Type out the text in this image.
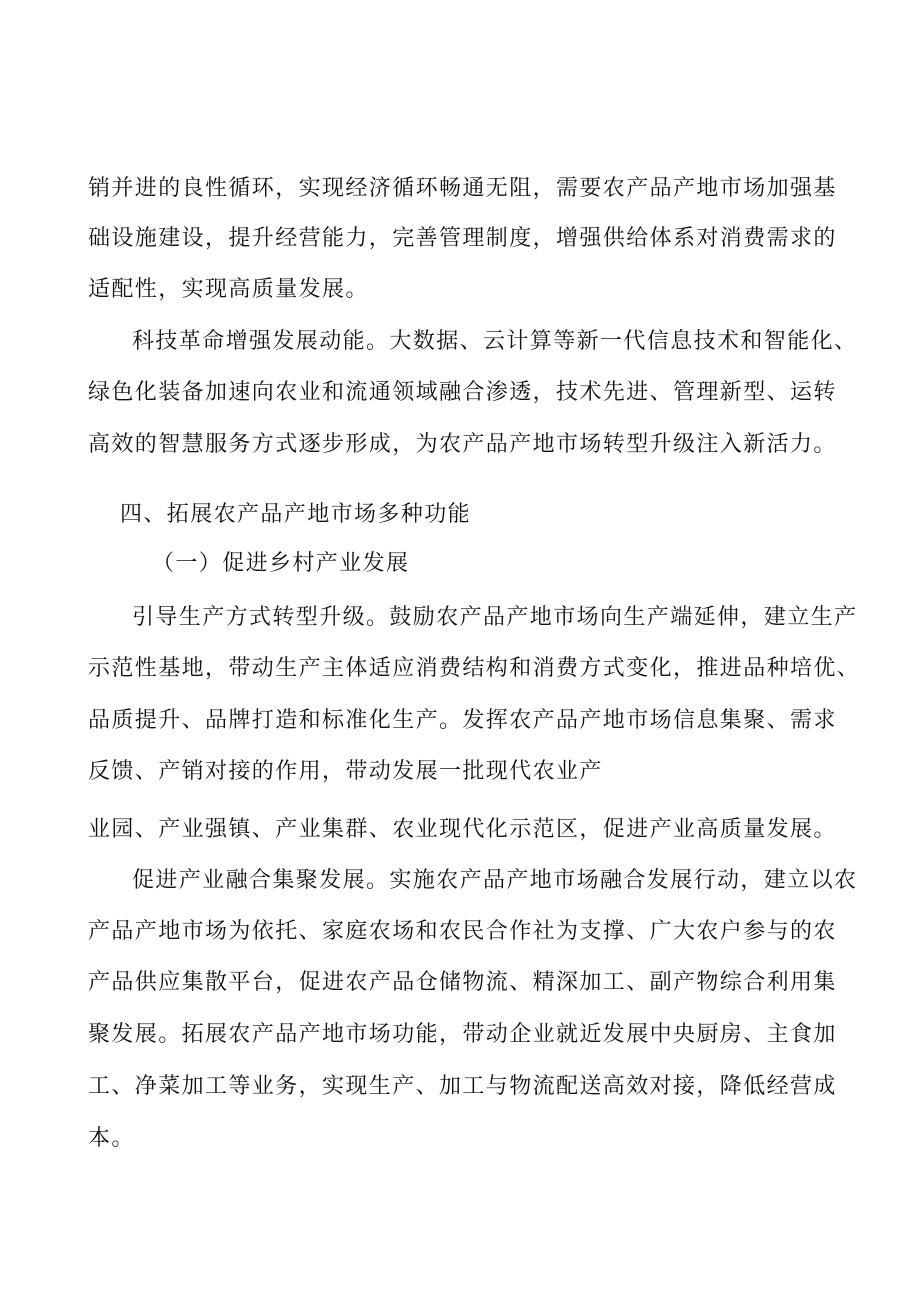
销并进的良性循环，实现经济循环畅通无阻，需要农产品产地市场加强基
础设施建设，提升经营能力，完善管理制度，增强供给体系对消费需求的
适配性，实现高质量发展。
科技革命增强发展动能。大数据、云计算等新一代信息技术和智能化、
绿色化装备加速向农业和流通领域融合渗透，技术先进、管理新型、运转
高效的智慧服务方式逐步形成，为农产品产地市场转型升级注入新活力。
四、拓展农产品产地市场多种功能
（一）促进乡村产业发展
引导生产方式转型升级。鼓励农产品产地市场向生产端延伸，建立生产
示范性基地，带动生产主体适应消费结构和消费方式变化，推进品种培优、
品质提升、品牌打造和标准化生产。发挥农产品产地市场信息集聚、需求
反馈、产销对接的作用，带动发展一批现代农业产
业园、产业强镇、产业集群、农业现代化示范区，促进产业高质量发展。
促进产业融合集聚发展。实施农产品产地市场融合发展行动，建立以农
产品产地市场为依托、家庭农场和农民合作社为支撑、广大农户参与的农
产品供应集散平台，促进农产品仓储物流、精深加工、副产物综合利用集
聚发展。拓展农产品产地市场功能，带动企业就近发展中央厨房、主食加
工、净菜加工等业务，实现生产、加工与物流配送高效对接，降低经营成
本。
